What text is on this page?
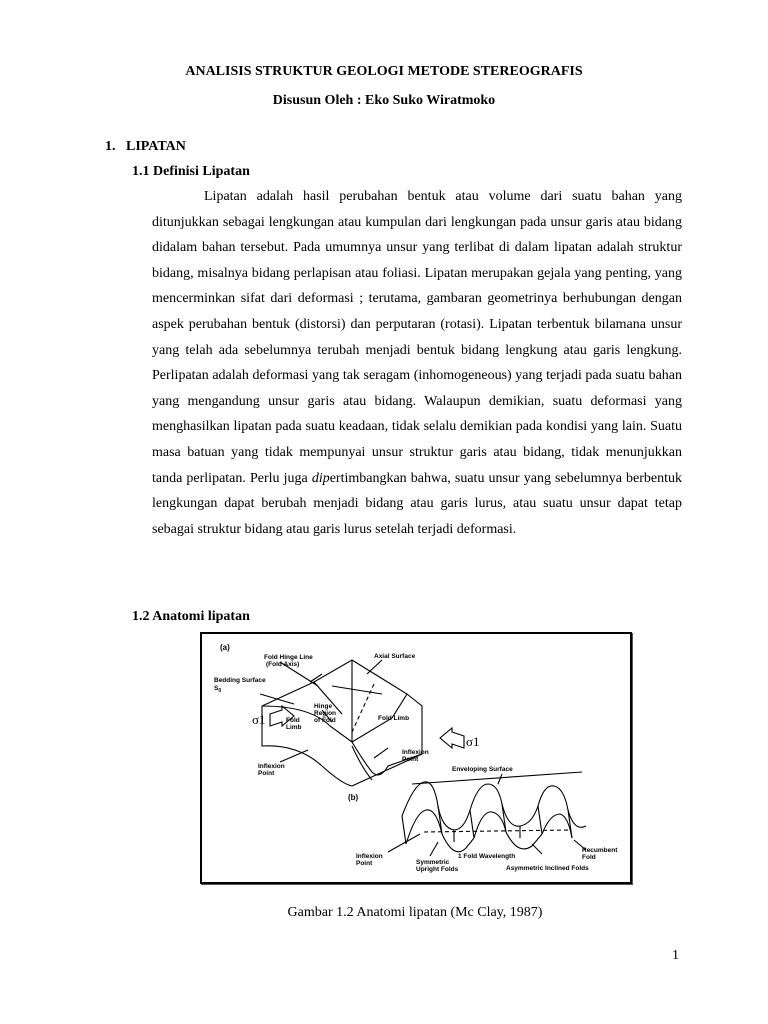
ANALISIS STRUKTUR GEOLOGI METODE STEREOGRAFIS
Disusun Oleh : Eko Suko Wiratmoko
1.   LIPATAN
1.1 Definisi Lipatan

Lipatan adalah hasil perubahan bentuk atau volume dari suatu bahan yang ditunjukkan sebagai lengkungan atau kumpulan dari lengkungan pada unsur garis atau bidang didalam bahan tersebut. Pada umumnya unsur yang terlibat di dalam lipatan adalah struktur bidang, misalnya bidang perlapisan atau foliasi. Lipatan merupakan gejala yang penting, yang mencerminkan sifat dari deformasi ; terutama, gambaran geometrinya berhubungan dengan aspek perubahan bentuk (distorsi) dan perputaran (rotasi). Lipatan terbentuk bilamana unsur yang telah ada sebelumnya terubah menjadi bentuk bidang lengkung atau garis lengkung. Perlipatan adalah deformasi yang tak seragam (inhomogeneous) yang terjadi pada suatu bahan yang mengandung unsur garis atau bidang. Walaupun demikian, suatu deformasi yang menghasilkan lipatan pada suatu keadaan, tidak selalu demikian pada kondisi yang lain. Suatu masa batuan yang tidak mempunyai unsur struktur garis atau bidang, tidak menunjukkan tanda perlipatan. Perlu juga dipertimbangkan bahwa, suatu unsur yang sebelumnya berbentuk lengkungan dapat berubah menjadi bidang atau garis lurus, atau suatu unsur dapat tetap sebagai struktur bidang atau garis lurus setelah terjadi deformasi.

1.2 Anatomi lipatan
(a)
Fold Hinge Line
(Fold Axis)
Axial Surface
Bedding Surface
$S_0$
Hinge
Region
of Fold
Fold
Limb
Fold Limb
Inflexion
Point
Inflexion
Point
σ1
σ1
(b)
Enveloping Surface
Inflexion
Point	Symmetric
Upright Folds
1 Fold Wavelength
Recumbent
Fold
Asymmetric Inclined Folds
Gambar 1.2 Anatomi lipatan (Mc Clay, 1987)
1
